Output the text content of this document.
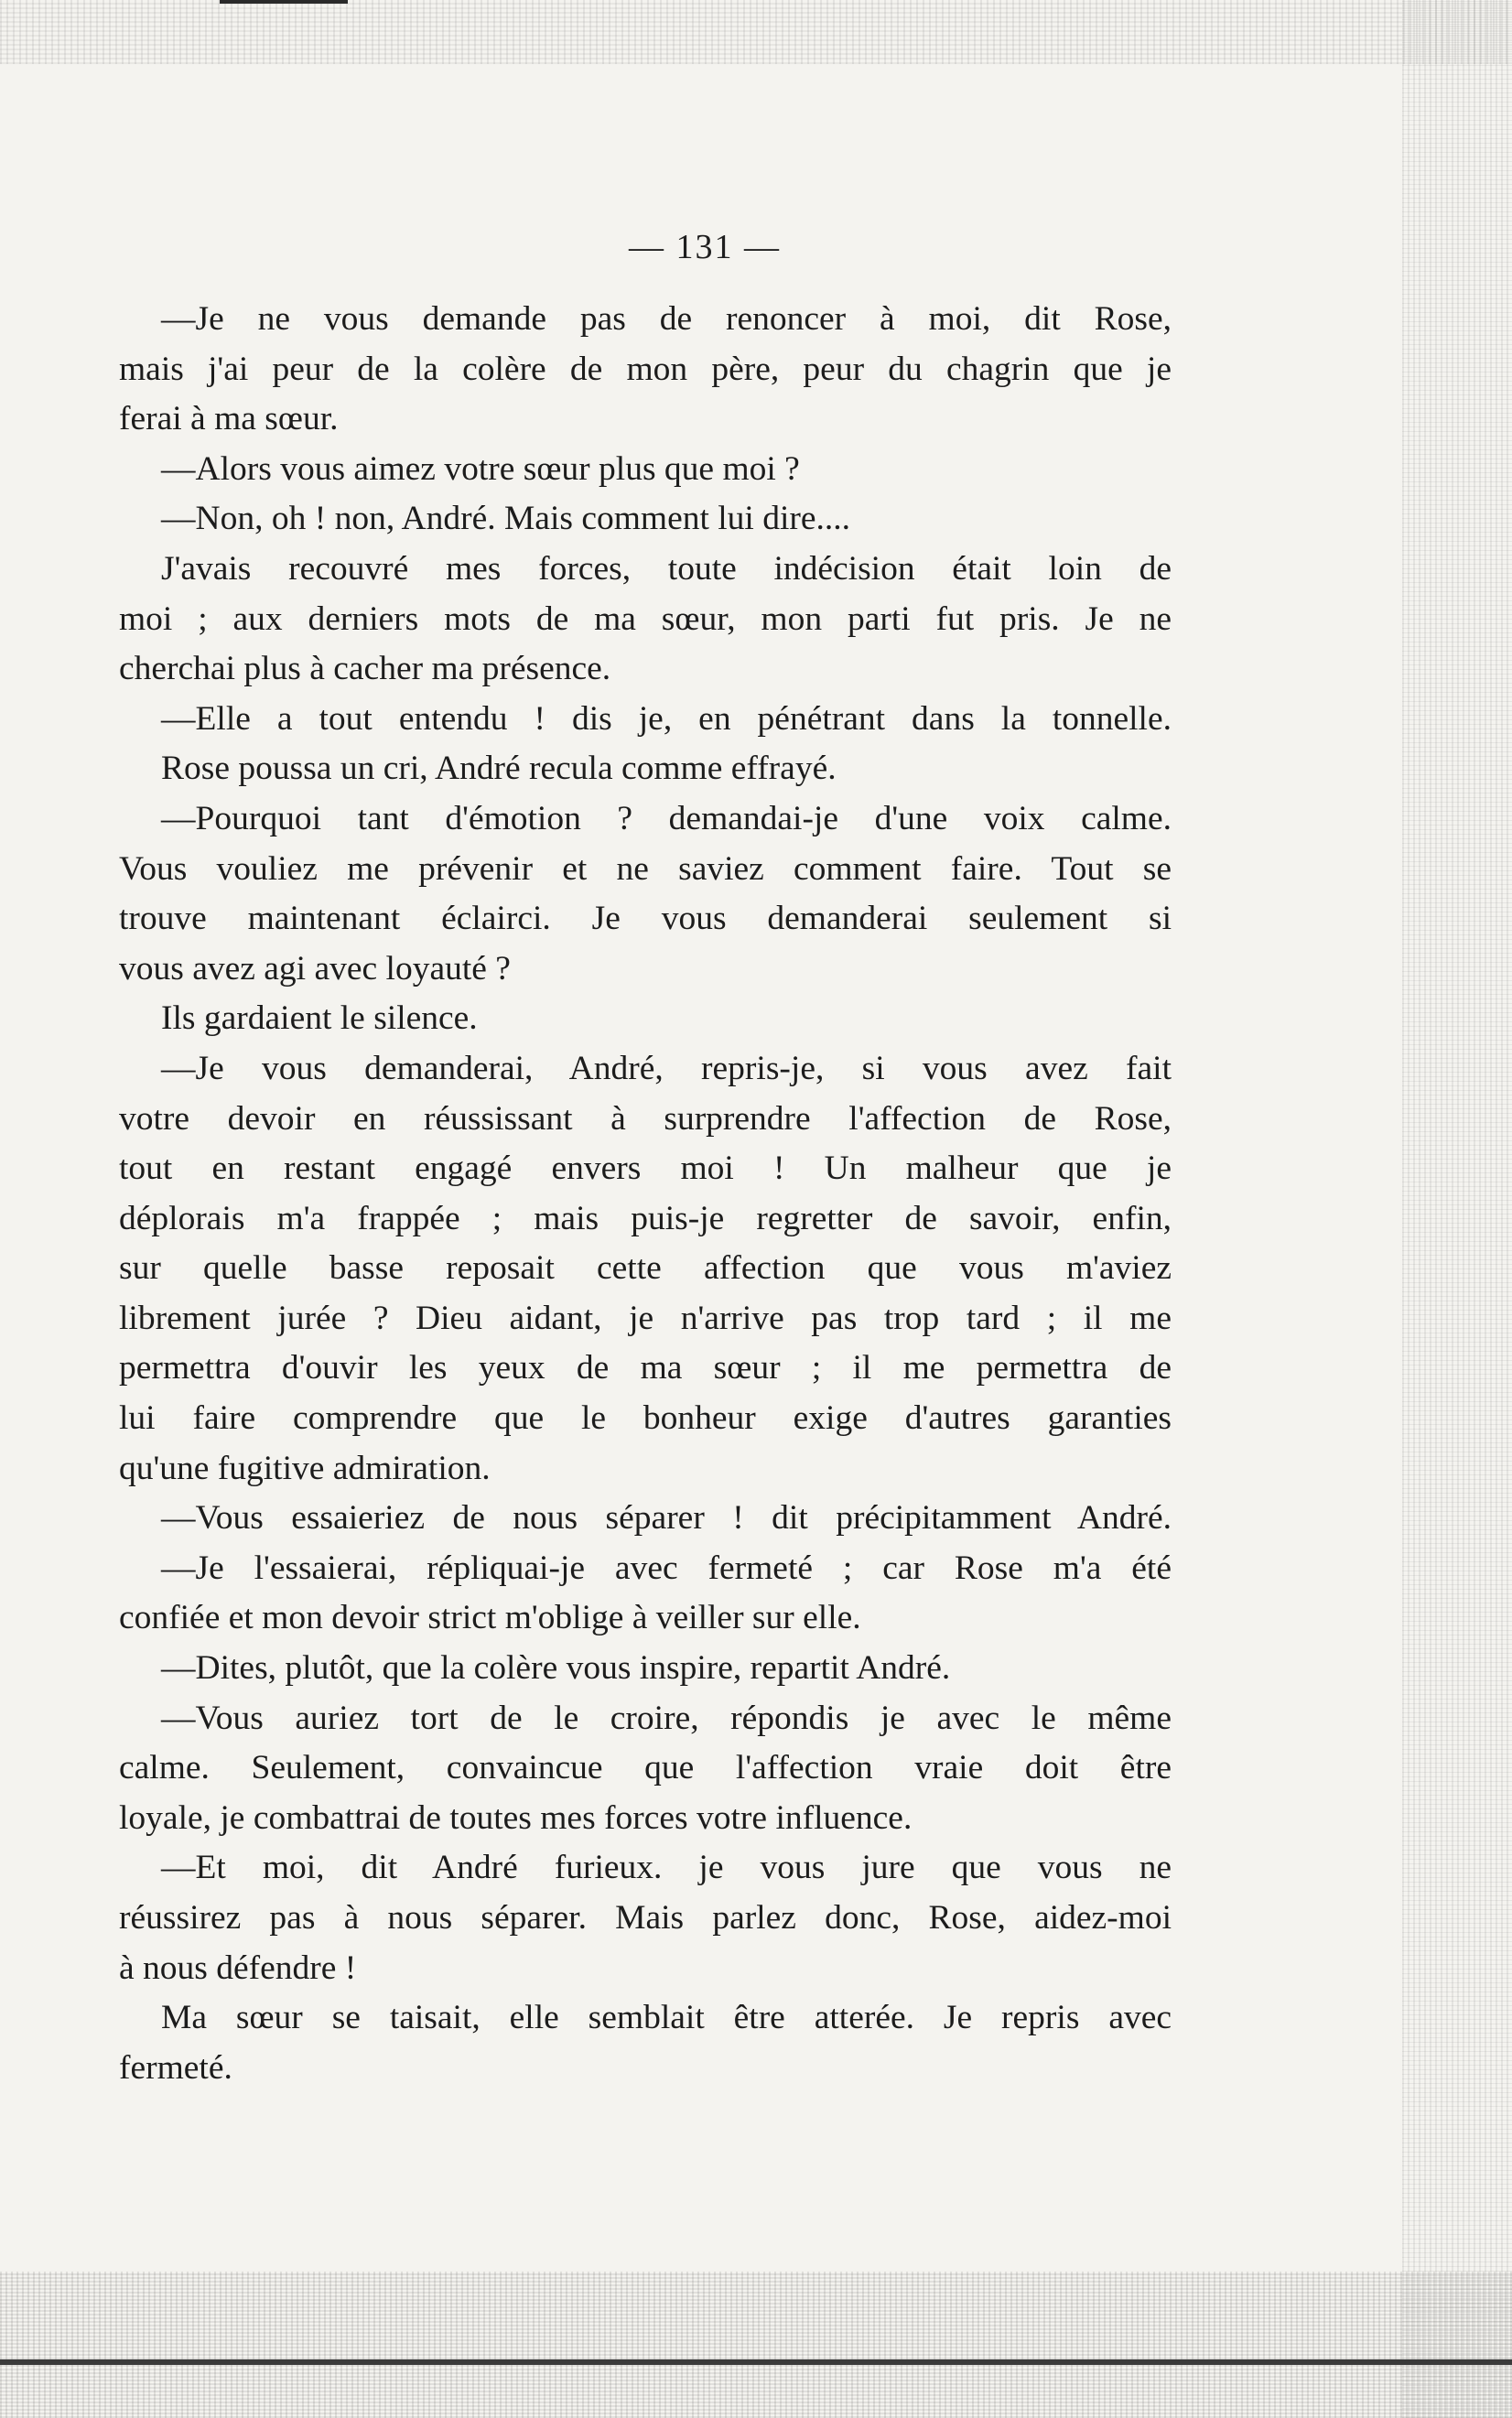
— 131 —
—Je ne vous demande pas de renoncer à moi, dit Rose,
mais j'ai peur de la colère de mon père, peur du chagrin que je
ferai à ma sœur.
—Alors vous aimez votre sœur plus que moi ?
—Non, oh ! non, André. Mais comment lui dire....
J'avais recouvré mes forces, toute indécision était loin de
moi ; aux derniers mots de ma sœur, mon parti fut pris. Je ne
cherchai plus à cacher ma présence.
—Elle a tout entendu ! dis je, en pénétrant dans la tonnelle.
Rose poussa un cri, André recula comme effrayé.
—Pourquoi tant d'émotion ? demandai-je d'une voix calme.
Vous vouliez me prévenir et ne saviez comment faire. Tout se
trouve maintenant éclairci. Je vous demanderai seulement si
vous avez agi avec loyauté ?
Ils gardaient le silence.
—Je vous demanderai, André, repris-je, si vous avez fait
votre devoir en réussissant à surprendre l'affection de Rose,
tout en restant engagé envers moi ! Un malheur que je
déplorais m'a frappée ; mais puis-je regretter de savoir, enfin,
sur quelle basse reposait cette affection que vous m'aviez
librement jurée ? Dieu aidant, je n'arrive pas trop tard ; il me
permettra d'ouvir les yeux de ma sœur ; il me permettra de
lui faire comprendre que le bonheur exige d'autres garanties
qu'une fugitive admiration.
—Vous essaieriez de nous séparer ! dit précipitamment André.
—Je l'essaierai, répliquai-je avec fermeté ; car Rose m'a été
confiée et mon devoir strict m'oblige à veiller sur elle.
—Dites, plutôt, que la colère vous inspire, repartit André.
—Vous auriez tort de le croire, répondis je avec le même
calme. Seulement, convaincue que l'affection vraie doit être
loyale, je combattrai de toutes mes forces votre influence.
—Et moi, dit André furieux. je vous jure que vous ne
réussirez pas à nous séparer. Mais parlez donc, Rose, aidez-moi
à nous défendre !
Ma sœur se taisait, elle semblait être atterée. Je repris avec
fermeté.
